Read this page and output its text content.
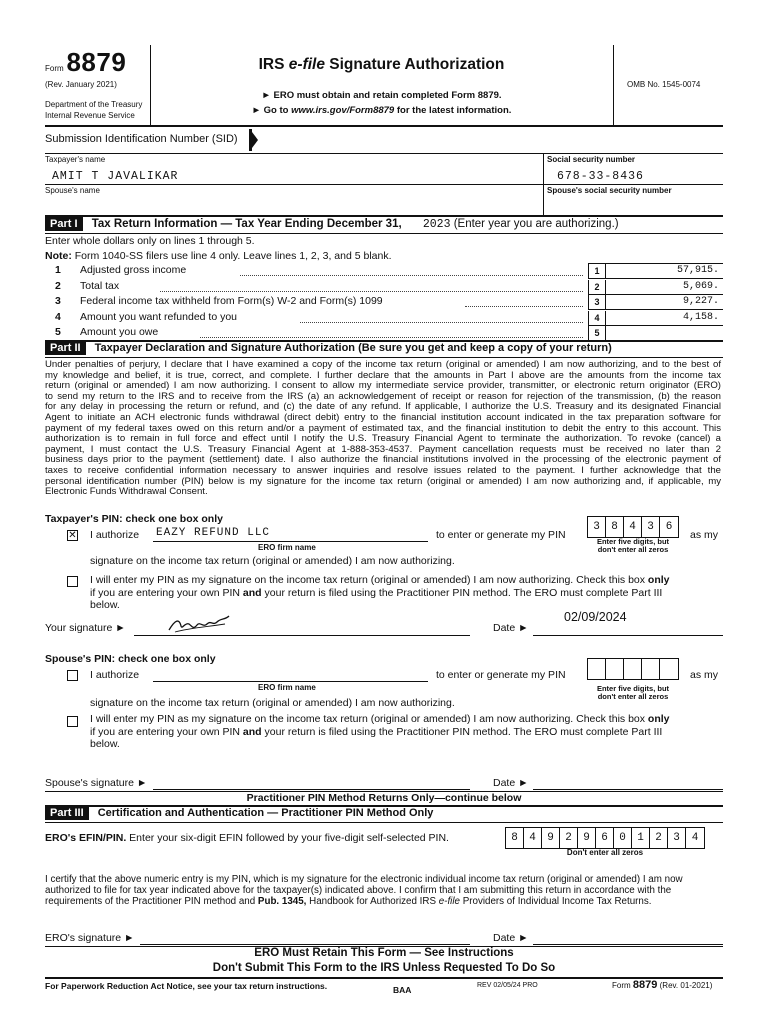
Form 8879
(Rev. January 2021)
Department of the Treasury
Internal Revenue Service
IRS e-file Signature Authorization
► ERO must obtain and retain completed Form 8879.
► Go to www.irs.gov/Form8879 for the latest information.
OMB No. 1545-0074
Submission Identification Number (SID)
Taxpayer's name
AMIT T JAVALIKAR
Social security number
678-33-8436
Spouse's name	Spouse's social security number
Part I Tax Return Information — Tax Year Ending December 31, 2023 (Enter year you are authorizing.)
Enter whole dollars only on lines 1 through 5.
Note: Form 1040-SS filers use line 4 only. Leave lines 1, 2, 3, and 5 blank.
1 Adjusted gross income	1	57,915.
2 Total tax	2	5,069.
3 Federal income tax withheld from Form(s) W-2 and Form(s) 1099	3	9,227.
4 Amount you want refunded to you	4	4,158.
5 Amount you owe	5
Part II Taxpayer Declaration and Signature Authorization (Be sure you get and keep a copy of your return)
Under penalties of perjury, I declare that I have examined a copy of the income tax return (original or amended) I am now authorizing, and to the best of
my knowledge and belief, it is true, correct, and complete. I further declare that the amounts in Part I above are the amounts from the income tax
return (original or amended) I am now authorizing. I consent to allow my intermediate service provider, transmitter, or electronic return originator (ERO)
to send my return to the IRS and to receive from the IRS (a) an acknowledgement of receipt or reason for rejection of the transmission, (b) the reason
for any delay in processing the return or refund, and (c) the date of any refund. If applicable, I authorize the U.S. Treasury and its designated Financial
Agent to initiate an ACH electronic funds withdrawal (direct debit) entry to the financial institution account indicated in the tax preparation software for
payment of my federal taxes owed on this return and/or a payment of estimated tax, and the financial institution to debit the entry to this account. This
authorization is to remain in full force and effect until I notify the U.S. Treasury Financial Agent to terminate the authorization. To revoke (cancel) a
payment, I must contact the U.S. Treasury Financial Agent at 1-888-353-4537. Payment cancellation requests must be received no later than 2
business days prior to the payment (settlement) date. I also authorize the financial institutions involved in the processing of the electronic payment of
taxes to receive confidential information necessary to answer inquiries and resolve issues related to the payment. I further acknowledge that the
personal identification number (PIN) below is my signature for the income tax return (original or amended) I am now authorizing and, if applicable, my
Electronic Funds Withdrawal Consent.
Taxpayer's PIN: check one box only
✕ I authorize EAZY REFUND LLC
ERO firm name
to enter or generate my PIN
3	8	4	3	6
as my
Enter five digits, but
don't enter all zeros
signature on the income tax return (original or amended) I am now authorizing.
I will enter my PIN as my signature on the income tax return (original or amended) I am now authorizing. Check this box only
if you are entering your own PIN and your return is filed using the Practitioner PIN method. The ERO must complete Part III
below.
Your signature ►	Date ►
02/09/2024
Spouse's PIN: check one box only
I authorize
ERO firm name
to enter or generate my PIN	as my
Enter five digits, but
don't enter all zeros
signature on the income tax return (original or amended) I am now authorizing.
I will enter my PIN as my signature on the income tax return (original or amended) I am now authorizing. Check this box only
if you are entering your own PIN and your return is filed using the Practitioner PIN method. The ERO must complete Part III
below.
Spouse's signature ►	Date ►
Practitioner PIN Method Returns Only—continue below
Part III Certification and Authentication — Practitioner PIN Method Only
ERO's EFIN/PIN. Enter your six-digit EFIN followed by your five-digit self-selected PIN.	8	4	9	2	9	6	0	1	2	3	4
Don't enter all zeros
I certify that the above numeric entry is my PIN, which is my signature for the electronic individual income tax return (original or amended) I am now
authorized to file for tax year indicated above for the taxpayer(s) indicated above. I confirm that I am submitting this return in accordance with the
requirements of the Practitioner PIN method and Pub. 1345, Handbook for Authorized IRS e-file Providers of Individual Income Tax Returns.
ERO's signature ►	Date ►
ERO Must Retain This Form — See Instructions
Don't Submit This Form to the IRS Unless Requested To Do So
For Paperwork Reduction Act Notice, see your tax return instructions.	BAA	REV 02/05/24 PRO	Form 8879 (Rev. 01-2021)
